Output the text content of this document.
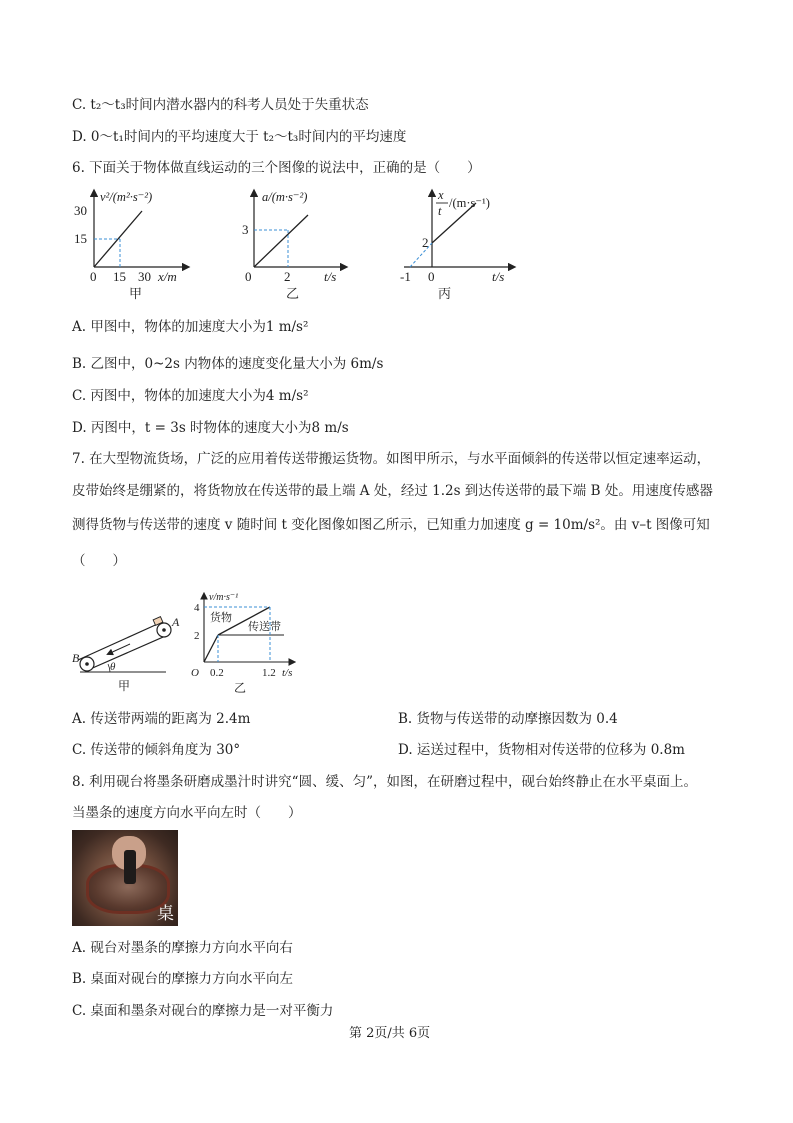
C. t₂～t₃时间内潜水器内的科考人员处于失重状态
D. 0～t₁时间内的平均速度大于 t₂～t₃时间内的平均速度
6. 下面关于物体做直线运动的三个图像的说法中，正确的是（　　）
30
15
0 15 30 x/m
v²/(m²·s⁻²)
甲
3
0	2	t/s
a/(m·s⁻²)
乙
2
-1 0	t/s
x
t
/(m·s⁻¹)
丙
A. 甲图中，物体的加速度大小为1 m/s²
B. 乙图中，0~2s 内物体的速度变化量大小为 6m/s
C. 丙图中，物体的加速度大小为4 m/s²
D. 丙图中，t = 3s 时物体的速度大小为8 m/s
7. 在大型物流货场，广泛的应用着传送带搬运货物。如图甲所示，与水平面倾斜的传送带以恒定速率运动，
皮带始终是绷紧的，将货物放在传送带的最上端 A 处，经过 1.2s 到达传送带的最下端 B 处。用速度传感器
测得货物与传送带的速度 v 随时间 t 变化图像如图乙所示，已知重力加速度 g = 10m/s²。由 v–t 图像可知
（　　）
θ
B
A
甲
v/m·s⁻¹
4
2
O 0.2	1.2 t/s
货物
传送带
乙
A. 传送带两端的距离为 2.4m	B. 货物与传送带的动摩擦因数为 0.4
C. 传送带的倾斜角度为 30°	D. 运送过程中，货物相对传送带的位移为 0.8m
8. 利用砚台将墨条研磨成墨汁时讲究“圆、缓、匀”，如图，在研磨过程中，砚台始终静止在水平桌面上。
当墨条的速度方向水平向左时（　　）
桌
A. 砚台对墨条的摩擦力方向水平向右
B. 桌面对砚台的摩擦力方向水平向左
C. 桌面和墨条对砚台的摩擦力是一对平衡力
第 2页/共 6页
